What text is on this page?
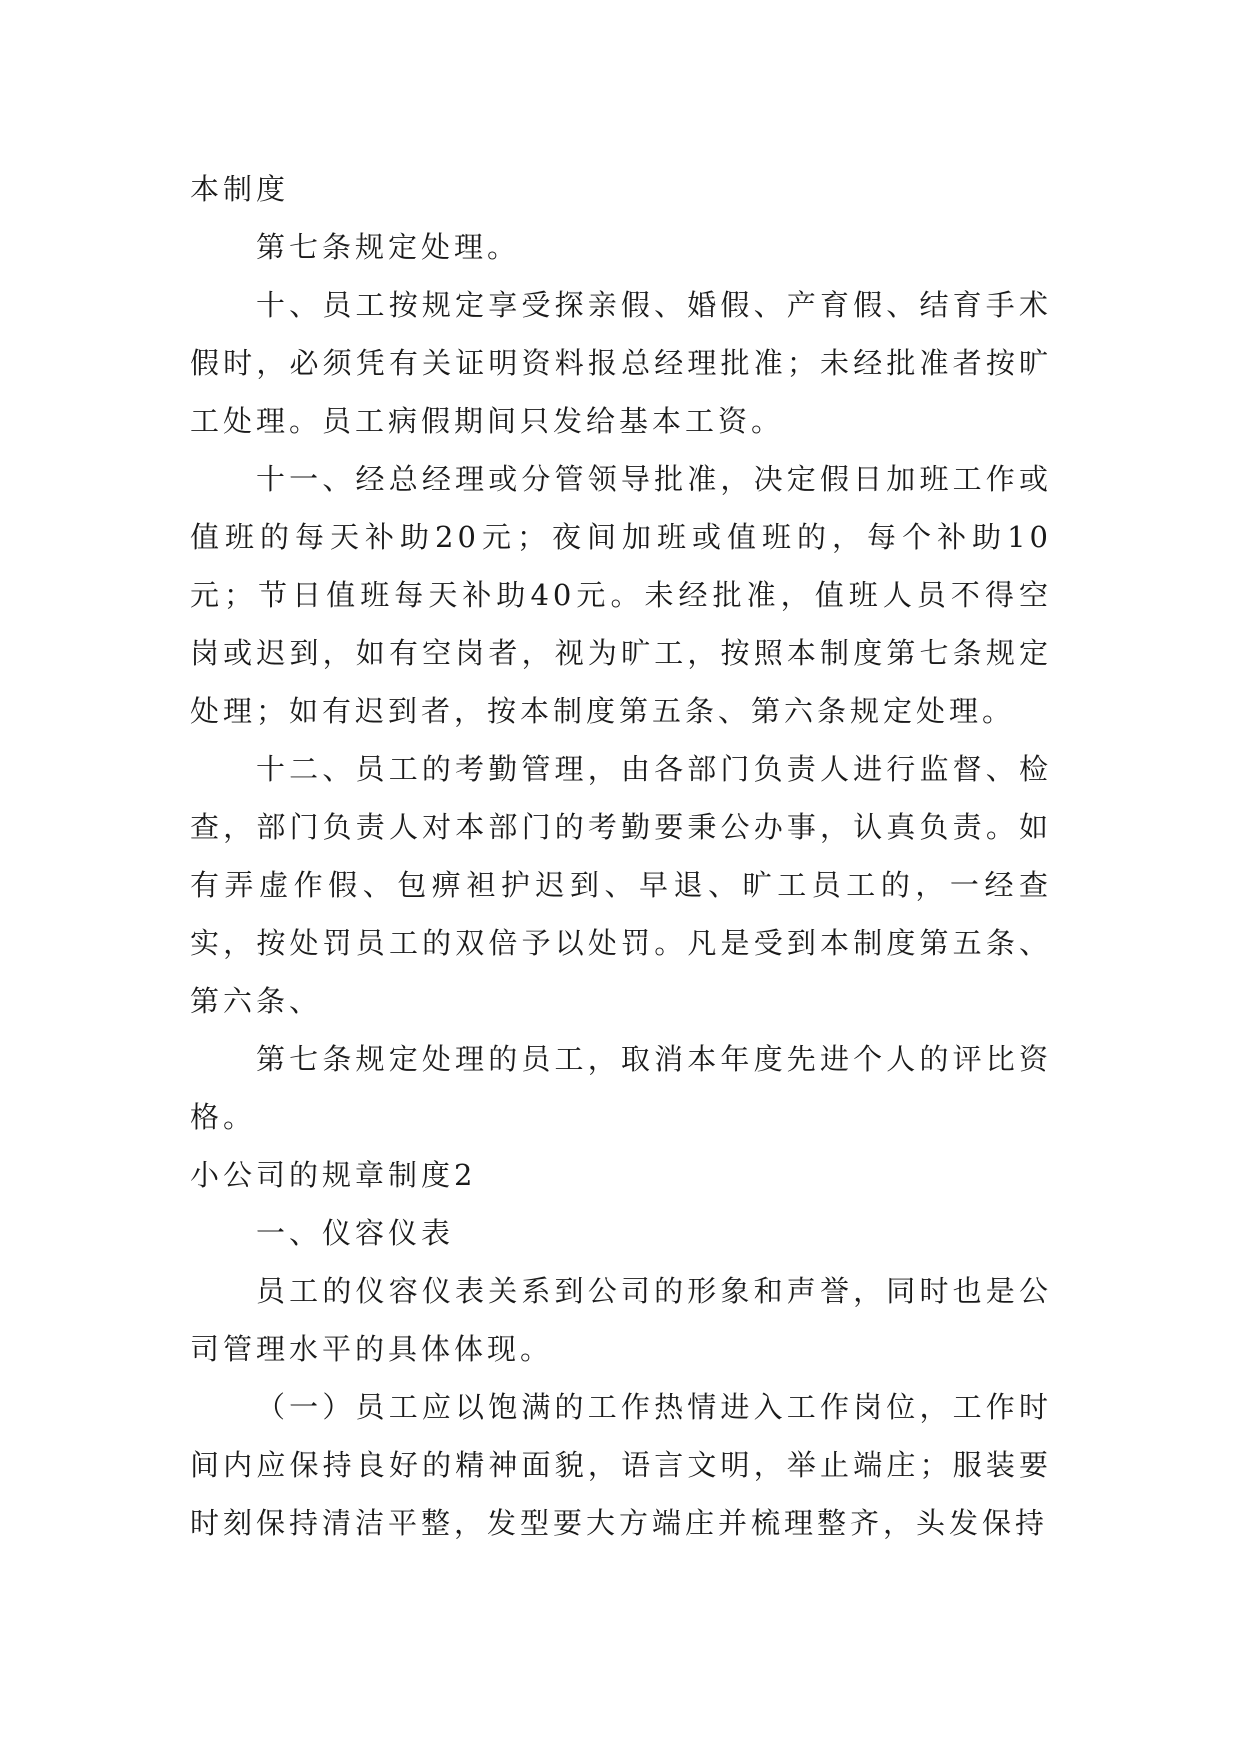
本制度

第七条规定处理。

十、员工按规定享受探亲假、婚假、产育假、结育手术假时，必须凭有关证明资料报总经理批准；未经批准者按旷工处理。员工病假期间只发给基本工资。

十一、经总经理或分管领导批准，决定假日加班工作或值班的每天补助20元；夜间加班或值班的，每个补助10元；节日值班每天补助40元。未经批准，值班人员不得空岗或迟到，如有空岗者，视为旷工，按照本制度第七条规定处理；如有迟到者，按本制度第五条、第六条规定处理。

十二、员工的考勤管理，由各部门负责人进行监督、检查，部门负责人对本部门的考勤要秉公办事，认真负责。如有弄虚作假、包痹袒护迟到、早退、旷工员工的，一经查实，按处罚员工的双倍予以处罚。凡是受到本制度第五条、第六条、

第七条规定处理的员工，取消本年度先进个人的评比资格。

小公司的规章制度2

一、仪容仪表

员工的仪容仪表关系到公司的形象和声誉，同时也是公司管理水平的具体体现。

（一）员工应以饱满的工作热情进入工作岗位，工作时间内应保持良好的精神面貌，语言文明，举止端庄；服装要时刻保持清洁平整，发型要大方端庄并梳理整齐，头发保持
